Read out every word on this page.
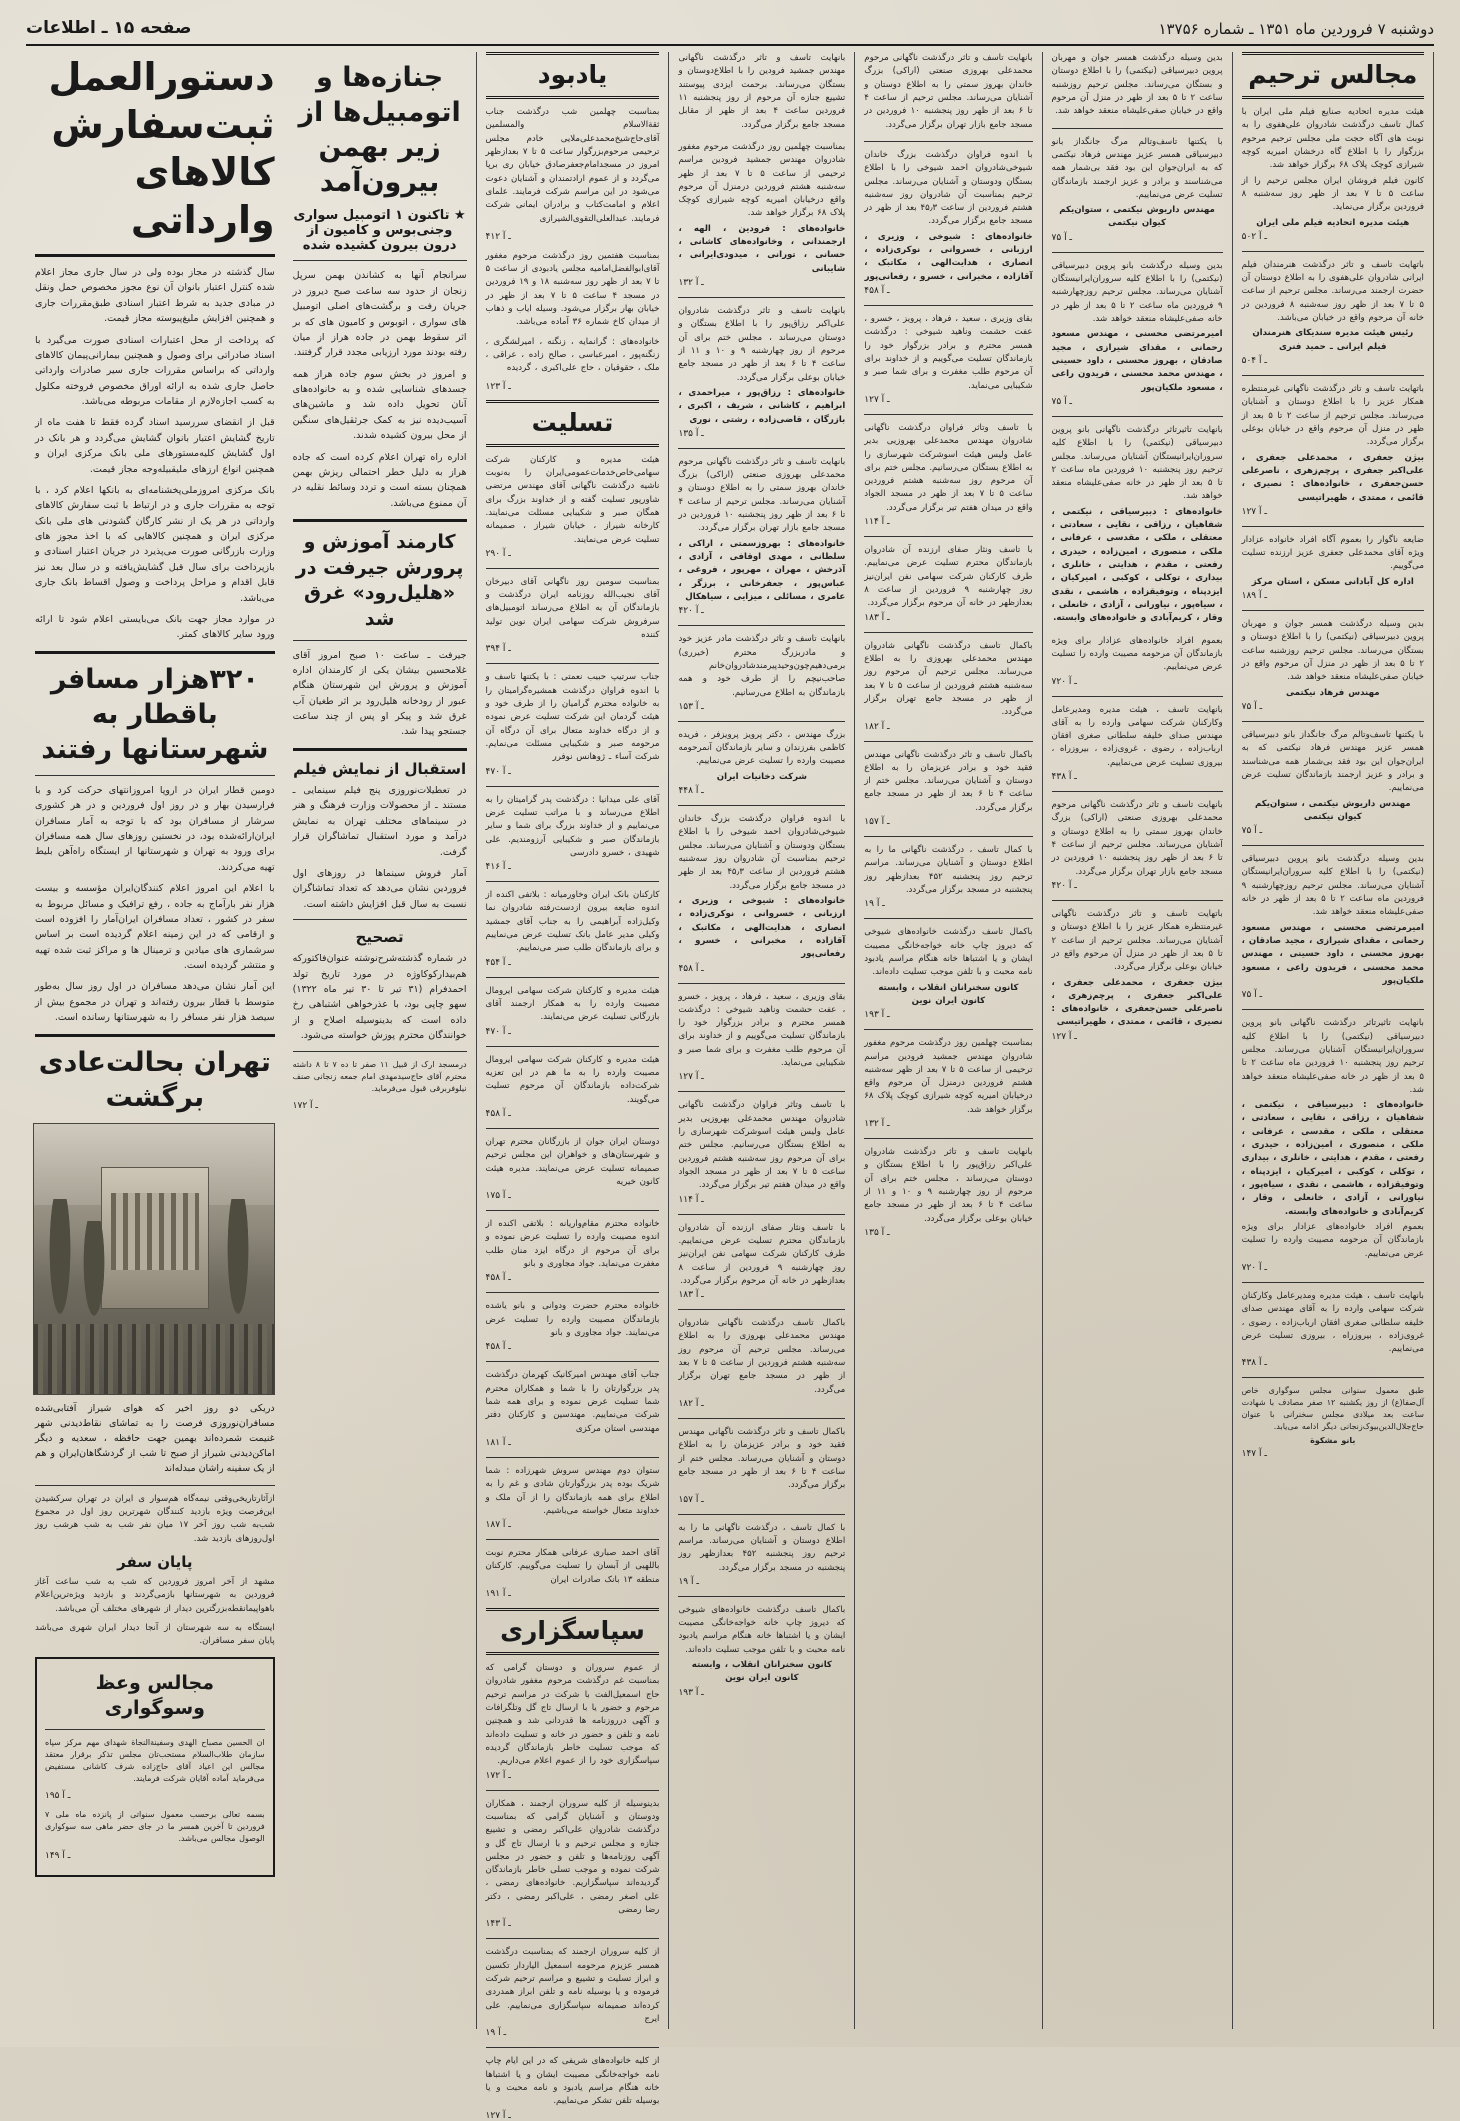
دوشنبه ۷ فروردین ماه ۱۳۵۱ ـ شماره ۱۳۷۵۶
صفحه ۱۵ ـ اطلاعات
دستورالعمل ثبت‌سفارش کالاهای وارداتی
سال گذشته در مجاز بوده ولی در سال جاری مجاز اعلام شده کنترل اعتبار بانوان آن نوع مجوز مخصوص حمل ونقل در مبادی جدید به شرط اعتبار اسنادی طبق‌مقررات جاری و همچنین افزایش ملیغ‌پیوسته مجاز قیمت.
که پرداخت از محل اعتبارات اسنادی صورت می‌گیرد با اسناد صادراتی برای وصول و همچنین بیمارانی‌پیمان کالاهای وارداتی که براساس مقررات جاری سیر صادرات وارداتی حاصل جاری شده به ارائه اوراق مخصوص فروخته‌ مکلول به کسب اجازه‌لازم از مقامات مربوطه می‌باشد.
قبل از انقضای سررسید اسناد گرده فقط تا هفت ماه از تاریخ گشایش اعتبار بانوان گشایش می‌گردد و هر بانک در اول گشایش کلیه‌مستور‌های ملی بانک مرکزی ایران و همچنین انواع ارزهای ملیقبیله‌وجه مجاز قیمت.
بانک مرکزی امروزملی‌پخشنامه‌ای به بانکها اعلام کرد ، با توجه به مقررات جاری و در ارتباط با ثبت سفارش کالاهای وارداتی در هر یک از نشر کارگان گشودنی های ملی بانک مرکزی ایران و همچنین کالاهایی که با اخذ مجوز های وزارت بازرگانی صورت می‌پذیرد در جریان اعتبار اسنادی و بازپرداخت برای سال قبل گشایش‌یافته و در سال بعد نیز قابل اقدام و مراحل پرداخت و وصول اقساط بانک جاری می‌باشد.
در موارد مجاز جهت بانک می‌بایستی اعلام شود تا ارائه ورود سایر کالاهای کمتر.
۳۲۰هزار مسافر باقطار به شهرستانها رفتند
دومین قطار ایران در اروپا امروزانتهای حرکت کرد و با فرارسیدن بهار و در روز اول فروردین و در هر کشوری سرشار از مسافران بود که با توجه به آمار مسافران ایران‌ارائه‌شده بود، در نخستین روزهای سال همه مسافران برای ورود به تهران و شهرستانها از ایستگاه راه‌آهن بلیط تهیه می‌کردند.
با اعلام این امروز اعلام کنندگان‌ایران‌ مؤسسه و بیست هزار نفر بارآماج به جاده ، رفع ترافیک و مسائل مربوط به سفر در کشور ، تعداد مسافران ایران‌آمار را افزوده است و ارقامی که در این زمینه اعلام گردیده است بر اساس سرشماری های میادین و ترمینال ها و مراکز ثبت شده تهیه و منتشر گردیده است.
این آمار نشان می‌دهد مسافران در اول روز سال به‌طور متوسط با قطار بیرون رفته‌اند و تهران در مجموع بیش از سیصد هزار نفر مسافر را به شهرستانها رسانده است.
تهران بحالت‌عادی برگشت
دریکی دو روز اخیر که هوای شیراز آفتابی‌شده مسافران‌نوروزی فرصت را به تماشای نقاط‌دیدنی شهر غنیمت شمرده‌اند بهمین جهت حافظه ، سعدیه و دیگر اماکن‌دیدنی شیراز از صبح تا شب از گردشگاهان‌ایران و هم از یک سفینه راشان‌ مبدله‌اند
ازآثارتاریخی‌وقتی نیمه‌گاه هم‌سوار ی ایران‌ در تهران سرکشیدن این‌فرصت ویژه بازدید کنندگان شهرترین روز اول در مجموع شب‌به شب روز آخر ۱۷ میان نفر شب به شب هرشب روز اول‌روزهای بازدید شد.
پایان سفر
مشهد از آخر امروز فروردین که شب به شب ساعت آغاز فروردین به شهرستانها بازمی‌گردند و بازدید ویژه‌ترین‌اعلام باهواپیما‌نقطه‌بزرگترین دیدار از شهرهای مختلف آن می‌باشد.
ایستگاه به سه شهرستان از آنجا دیدار ایران شهری می‌باشد پایان سفر مسافران.
مجالس وعظ وسوگواری
ان الحسین مصباح الهدی وسفینةالنجاة شهدای مهم مرکز سپاه‌ سازمان‌ طلاب‌السلام‌ مستحب‌تان مجلس تذکر برقرار معتقد مجالس این اعیاد آقای حاج‌زاده‌ شرف‌ کاشانی مستفیض می‌فرماید آماده آقایان شرکت فرمایند.
ـ آ ۱۹۵
بسمه تعالی برحسب معمول سنواتی از پانزده ماه ملی ۷ فروردین تا آخرین همسر ما در جای حضر ماهی سه سوکواری الوصول مجالس می‌باشد.
ـ آ ۱۴۹
جنازه‌ها و اتومبیل‌ها از زیر بهمن بیرون‌آمد
★ تاکنون ۱ اتومبیل سواری وجنی‌بوس و کامیون از درون بیرون کشیده شده
سرانجام آنها به کشاندن بهمن‌ سرپل زنجان از حدود سه ساعت صبح دیروز در جریان رفت و برگشت‌های اصلی اتومبیل های سواری ، اتوبوس و کامیون های که بر اثر سقوط بهمن در جاده هراز از میان رفته بودند مورد ارزیابی مجدد قرار گرفتند.
و امروز در بخش سوم جاده هراز همه جسد‌های شناسایی شده و به خانواده‌های آنان تحویل داده شد و ماشین‌های آسیب‌دیده نیز به کمک جرثقیل‌های سنگین از محل بیرون کشیده شدند.
اداره راه تهران اعلام کرده است که جاده هراز به دلیل خطر احتمالی ریزش بهمن همچنان بسته است و تردد وسائط نقلیه در آن ممنوع می‌باشد.
کارمند آموزش و پرورش جیرفت در «هلیل‌رود» غرق شد
جیرفت ـ ساعت ۱۰ صبح امروز آقای غلامحسین بیشان یکی از کارمندان اداره آموزش و پرورش این شهرستان هنگام عبور از رودخانه هلیل‌رود بر اثر طغیان آب غرق شد و پیکر او پس از چند ساعت جستجو پیدا شد.
استقبال از نمایش فیلم
در تعطیلات‌نوروزی پنج فیلم سینمایی ـ مستند ـ از محصولات وزارت فرهنگ و هنر در سینماهای مختلف تهران به نمایش درآمد و مورد استقبال تماشاگران قرار گرفت.
آمار فروش سینماها در روزهای اول فروردین نشان می‌دهد که تعداد تماشاگران نسبت به سال قبل افزایش داشته است.
تصحیح
در شماره گذشته‌شرح‌نوشته عنوان‌فاکتورکه هم‌بیدارکوکاوژه در مورد تاریخ تولد احمدفرام (۳۱ تیر تا ۳۰ تیر ماه ۱۳۲۲) سهو چاپی بود، با عذرخواهی اشتباهی رخ داده است که بدینوسیله اصلاح و از خوانندگان محترم پوزش خواسته می‌شود.
درمسجد ارک از قبیل ۱۱ صفر تا ده ۷ تا ۸ داشته‌ محترم آقای حاج‌سیدمهدی‌ امام‌ جمعه زنجانی صنف نیلوفربرقی قبول می‌فرماید.
ـ آ ۱۷۲
یادبود
بمناسبت چهلمین شب درگذشت جناب ثقةالاسلام والمسلمین آقای‌حاج‌شیخ‌محمدعلی‌ملایی‌‌ خادم مجلس ترحیمی مرحوم‌بزرگوار ساعت ۵ تا ۷ بعدازظهر امروز در مسجد‌امام‌جعفر‌صادق خیابان ری برپا می‌گردد و از عموم ارادتمندان و آشنایان دعوت می‌شود در این مراسم شرکت فرمایند. علمای اعلام و امامت‌کتاب و برادران ایمانی شرکت فرمایند. عبدالعلی‌التقوی‌الشیرازی
ـ آ ۴۱۲
بمناسبت هفتمین روز درگذشت مرحوم مغفور آقای‌ابوالفضل‌امامیه مجلس یادبودی از ساعت ۵ تا ۷ بعد از ظهر روز سه‌شنبه ۱۸ و ۱۹ فروردین در مسجد ۴ ساعت ۵ تا ۷ بعد از ظهر در خیابان بهار برگزار می‌شود. وسیله ایاب و ذهاب از میدان کاخ شماره ۳۶ آماده می‌باشد.
خانواده‌های : گرانمایه ، زنگنه ، امیرلشگری ، زنگنه‌پور ، امیرعباسی ، صالح زاده ، عراقی ، ملک ، حقوقیان ، حاج علی‌اکبری ، گردیده
ـ آ ۱۲۳
تسلیت
هیئت مدیره و کارکنان شرکت سهامی‌خاص‌خدمات‌عمومی‌ایران‌ را به‌نوبت ناشیه درگذشت ناگهانی آقای مهندس مرتضی شاورپور‌ تسلیت گفته و از خداوند بزرگ برای همگان صبر و شکیبایی مسئلت می‌نمایند. کارخانه شیراز ، خیابان شیراز ، صمیمانه تسلیت عرض می‌نمایند.
ـ آ ۲۹۰
بمناسبت سومین روز ناگهانی آقای دبیرخان‌ آقای نجیب‌الله روزنامه‌ ایران‌ درگذشت‌ و بازماندگان آن به اطلاع می‌رساند اتومبیل‌های سرفروش شرکت سهامی ایران‌ نوین تولید کننده
ـ آ ۳۹۴
جناب سرتیپ حبیب نعمتی : با یکتنها تاسف و با اندوه فراوان درگذشت همشیره‌گرامیتان را به خانواده محترم گرامیان‌ را از طرف خود و هیئت گردمان این شرکت تسلیت عرض نموده و از درگاه خداوند متعال برای آن درگاه‌ آن مرحومه صبر و شکیبایی مسئلت می‌نمایم. شرکت آساء ـ ژوهانس‌ نوفرر
ـ آ ۴۷۰
آقای علی میدانیا : درگذشت پدر گرامیتان را به اطلاع می‌رساند و با مراتب تسلیت عرض می‌نماییم و از خداوند بزرگ برای شما و سایر بازماندگان صبر و شکیبایی آرزومندیم. علی شهیدی ، خسرو دادرسی
ـ آ ۴۱۶
کارکنان بانک ایران وخاورمیانه : بلاتفی اکنده از اندوه ضایعه بیرون ازدست‌رفته شادروان نما وکیل‌زاده آبراهیمی را به جناب آقای جمشید وکیلی مدیر عامل بانک تسلیت عرض می‌نماییم و برای بازماندگان طلب صبر می‌نماییم.
ـ آ ۴۵۴
هیئت مدیره و کارکنان شرکت سهامی ایرو‌مال مصیبت وارده را به همکار ارجمند آقای بازرگانی تسلیت عرض می‌نمایند.
ـ آ ۴۷۰
هیئت مدیره و کارکنان شرکت سهامی ایرو‌مال مصیبت وارده را به ما هم در این تعزیه شرکت‌داده بازماندگان آن مرحوم تسلیت می‌گویند.
ـ آ ۴۵۸
دوستان ایران جوان از بازرگانان محترم تهران و شهرستان‌های و خواهران این مجلس‌ ترحیم‌ صمیمانه تسلیت عرض می‌نمایند. مدیره هیئت کانون خیریه
ـ آ ۱۷۵
خانواده محترم مقام‌واریانه : بلاتفی اکنده از اندوه مصیبت وارده را تسلیت عرض نموده و برای آن مرحوم از درگاه ایزد منان طلب مغفرت می‌نماید. جواد مجاوری و بانو
ـ آ ۴۵۸
خانواده محترم حضرت ودوانی و بانو یاشده بازماندگان مصیبت وارده را تسلیت عرض می‌نمایند. جواد مجاوری و بانو
ـ آ ۴۵۸
جناب آقای مهندس امیرکانیک کهرمان درگذشت پدر بزرگوارتان را با شما و همکاران محترم شما تسلیت عرض نموده و برای همه شما شرکت می‌نماییم. مهندسین و کارکنان دفتر مهندسی استان مرکزی
ـ آ ۱۸۱
ستوان دوم مهندس سروش شهرزاده : شما شریک بوده پدر بزرگوارتان شادی و غم‌ را به اطلاع برای همه بازماندگان را از آن ملک و خداوند متعال خواسته‌ می‌باشیم.
ـ آ ۱۸۷
آقای احمد صباری عرفانی همکار محترم نوبت باللهیی از آبسان را تسلیت می‌گوییم. کارکنان منطقه ۱۳ بانک صادرات ایران
ـ آ ۱۹۱
سپاسگزاری
از عموم سروران و دوستان گرامی که بمناسبت غم درگذشت مرحوم مغفور شادروان حاج اسمعیل‌الفت با شرکت در مراسم ترحیم مرحوم و حضور یا با ارسال تاج گل وتلگرافات و آگهی درروزنامه ‌ها قدردانی شد و همچنین نامه‌ و تلفن و حضور در خانه و تسلیت داده‌اند که موجب تسلیت خاطر بازماندگان گردیده سپاسگزاری خود را از عموم اعلام می‌داریم.
ـ آ ۱۷۲
بدینوسیله از کلیه سروران ارجمند ، همکاران ودوستان و آشنایان گرامی که بمناسبت درگذشت شادروان علی‌اکبر رمضی و تشییع جنازه و مجلس ترحیم و با ارسال تاج گل و آگهی روزنامه‌ها و تلفن و حضور در مجلس شرکت نموده و موجب تسلی خاطر بازماندگان گردیده‌اند سپاسگزاریم. خانواده‌های رمضی ، علی اصغر رمضی ، علی‌اکبر رمضی ، دکتر رضا رمضی
ـ آ ۱۴۳
از کلیه سروران ارجمند که بمناسبت درگذشت همسر عزیزم مرحومه اسمعیل الیاردار تکسین و ابراز تسلیت و تشییع و مراسم ترحیم شرکت فرموده و یا بوسیله نامه و تلفن ابراز همدردی کرده‌اند صمیمانه سپاسگزاری می‌نماییم. علی ایرج
ـ آ ۱۹
از کلیه خانواده‌های شریفی که در این ایام چاپ نامه خواجه‌خانگی مصیبت ایشان و یا اشتباها خانه هنگام مراسم یادبود و نامه محبت و یا بوسیله تلفن تشکر می‌نماییم.
ـ آ ۱۲۷
بانهایت تاسف و تاثر درگذشت ناگهانی مهندس جمشید فرودین را با اطلاع‌دوستان و بستگان می‌رساند. برحمت ایزدی پیوستند تشییع جنازه آن مرحوم از روز پنجشنبه ۱۱ فروردین ساعت ۴ بعد از ظهر از مقابل مسجد‌ جامع برگزار می‌گردد.
بمناسبت چهلمین روز درگذشت مرحوم مغفور شادروان مهندس جمشید فرودین مراسم ترحیمی از ساعت ۵ تا ۷ بعد از ظهر سه‌شنبه هشتم فروردین درمنزل آن مرحوم واقع درخیابان امیریه کوچه شیرازی کوچک پلاک ۶۸ برگزار خواهد شد.
خانواده‌های : فرودین ، الهه ، ارجمندانی ، وخانواده‌های کاشانی ، حسانی ، تورانی ، میدودی‌ایرانی ، شایبانی
ـ آ ۱۳۲
بانهایت تاسف و تاثر درگذشت شادروان علی‌اکبر رزاق‌پور را با اطلاع بستگان و دوستان می‌رساند ، مجلس ختم برای آن مرحوم از روز چهارشنبه ۹ و ۱۰ و ۱۱ از ساعت ۴ تا ۶ بعد از ظهر در مسجد جامع خیابان بوعلی برگزار می‌گردد.
خانواده‌های : رزاق‌پور ، میراحمدی ، ابراهیم ، کاشانی ، شریف ، اکبری ، بازرگان ، قاضی‌زاده ، رشتی ، نوری
ـ آ ۱۳۵
بانهایت تاسف و تاثر درگذشت ناگهانی مرحوم محمدعلی بهروزی صنعتی (اراکی) بزرگ خاندان بهروز سمتی را به اطلاع دوستان و آشنایان می‌رساند. مجلس ترحیم از ساعت ۴ تا ۶ بعد از ظهر روز پنجشنبه ۱۰ فروردین در مسجد جامع بازار تهران برگزار می‌گردد.
خانواده‌های : بهروزسمتی ، اراکی ، سلطانی ، مهدی اوقافی ، آزادی ، آذرخش ، مهران ، مهرپور ، فروغی ، عباس‌پور ، جعفرخانی ، برزگر ، عامری ، مسائلی ، میزایی ، سیاهکال
ـ آ ۴۲۰
بانهایت تاسف و تاثر درگذشت مادر عزیز خود و مادربزرگ محترم (خیرری) برمی‌دهیم‌چون‌وحید‌پیرمند‌شادروان‌خانم‌ صاحب‌نیچم را از طرف خود و همه بازماندگان به اطلاع می‌رسانیم.
ـ آ ۱۵۳
بزرگ مهندس ، دکتر پرویز پرویزفر ، فریده کاظمی‌ بفرزندان و سایر بازماندگان آنمرحومه مصیبت وارده را تسلیت عرض می‌نماییم.
شرکت دخانیات ایران
ـ آ ۴۴۸
با اندوه فراوان درگذشت بزرگ خاندان شیوخی‌شادروان احمد شیوخی را با اطلاع بستگان ودوستان و آشنایان می‌رساند. مجلس ترحیم بمناسبت آن شادروان روز سه‌شنبه هشتم فروردین از ساعت ۴۵٫۳ بعد از ظهر در مسجد جامع برگزار می‌گردد.
خانواده‌های : شیوخی ، وزیری ، ارزبانی ، خسروانی ، نوکری‌زاده ، انصاری ، هدایت‌الهی ، مکاتبک ، آقازاده ، مخبرانی ، خسرو ، رفعانی‌پور
ـ آ ۴۵۸
بقای وزیری ، سعید ، فرهاد ، پرویز ، خسرو ، عفت حشمت وناهید شیوخی : درگذشت همسر محترم و برادر بزرگوار خود را بازماندگان تسلیت می‌گوییم و از خداوند برای آن مرحوم طلب مغفرت و برای شما صبر و شکیبایی می‌نماید.
ـ آ ۱۲۷
با تاسف وتاثر فراوان درگذشت ناگهانی شادروان مهندس محمدعلی بهروزیی بدیر عامل ولیس هیئت اسوشرکت شهرسازی را به اطلاع بستگان می‌رسانیم. مجلس ختم برای آن مرحوم روز سه‌شنبه هشتم فروردین ساعت ۵ تا ۷ بعد از ظهر در مسجد الجواد واقع در میدان هفتم تیر برگزار می‌گردد.
ـ آ ۱۱۴
با تاسف ونثار صفای ارزنده آن شادروان بازماندگان محترم تسلیت عرض می‌نماییم. طرف کارکنان شرکت سهامی نفن ایران‌نیز روز چهارشنبه ۹ فروردین از ساعت ۸ بعدازظهر در خانه آن مرحوم برگزار می‌گردد.
ـ آ ۱۸۳
باکمال تاسف درگذشت ناگهانی شادروان مهندس محمدعلی بهروزی را به اطلاع می‌رساند. مجلس ترحیم آن مرحوم روز سه‌شنبه هشتم فروردین از ساعت ۵ تا ۷ بعد از ظهر در مسجد جامع تهران برگزار می‌گردد.
ـ آ ۱۸۲
باکمال تاسف و تاثر درگذشت ناگهانی مهندس فقید خود و برادر عزیزمان را به اطلاع دوستان و آشنایان می‌رساند. مجلس ختم از ساعت ۴ تا ۶ بعد از ظهر در مسجد جامع برگزار می‌گردد.
ـ آ ۱۵۷
با کمال تاسف ، درگذشت ناگهانی ما را به اطلاع دوستان و آشنایان می‌رساند. مراسم ترحیم روز پنجشنبه ۴۵۲ بعدازظهر روز پنجشنبه در مسجد برگزار می‌گردد.
ـ آ ۱۹
باکمال تاسف درگذشت خانواده‌های شیوخی که دیروز چاپ خانه خواجه‌خانگی مصیبت ایشان و یا اشتباها خانه هنگام مراسم یادبود نامه محبت و با تلفن موجب تسلیت داده‌اند.
کانون سخنرانان انقلاب ، وابسته کانون ایران نوین
ـ آ ۱۹۳
بانهایت تاسف و تاثر درگذشت ناگهانی مرحوم محمدعلی بهروزی صنعتی (اراکی) بزرگ خاندان بهروز سمتی را به اطلاع دوستان و آشنایان می‌رساند. مجلس ترحیم از ساعت ۴ تا ۶ بعد از ظهر روز پنجشنبه ۱۰ فروردین در مسجد جامع بازار تهران برگزار می‌گردد.
با اندوه فراوان درگذشت بزرگ خاندان شیوخی‌شادروان احمد شیوخی را با اطلاع بستگان ودوستان و آشنایان می‌رساند. مجلس ترحیم بمناسبت آن شادروان روز سه‌شنبه هشتم فروردین از ساعت ۴۵٫۳ بعد از ظهر در مسجد جامع برگزار می‌گردد.
خانواده‌های : شیوخی ، وزیری ، ارزبانی ، خسروانی ، نوکری‌زاده ، انصاری ، هدایت‌الهی ، مکاتبک ، آقازاده ، مخبرانی ، خسرو ، رفعانی‌پور
ـ آ ۴۵۸
بقای وزیری ، سعید ، فرهاد ، پرویز ، خسرو ، عفت حشمت وناهید شیوخی : درگذشت همسر محترم و برادر بزرگوار خود را بازماندگان تسلیت می‌گوییم و از خداوند برای آن مرحوم طلب مغفرت و برای شما صبر و شکیبایی می‌نماید.
ـ آ ۱۲۷
با تاسف وتاثر فراوان درگذشت ناگهانی شادروان مهندس محمدعلی بهروزیی بدیر عامل ولیس هیئت اسوشرکت شهرسازی را به اطلاع بستگان می‌رسانیم. مجلس ختم برای آن مرحوم روز سه‌شنبه هشتم فروردین ساعت ۵ تا ۷ بعد از ظهر در مسجد الجواد واقع در میدان هفتم تیر برگزار می‌گردد.
ـ آ ۱۱۴
با تاسف ونثار صفای ارزنده آن شادروان بازماندگان محترم تسلیت عرض می‌نماییم. طرف کارکنان شرکت سهامی نفن ایران‌نیز روز چهارشنبه ۹ فروردین از ساعت ۸ بعدازظهر در خانه آن مرحوم برگزار می‌گردد.
ـ آ ۱۸۳
باکمال تاسف درگذشت ناگهانی شادروان مهندس محمدعلی بهروزی را به اطلاع می‌رساند. مجلس ترحیم آن مرحوم روز سه‌شنبه هشتم فروردین از ساعت ۵ تا ۷ بعد از ظهر در مسجد جامع تهران برگزار می‌گردد.
ـ آ ۱۸۲
باکمال تاسف و تاثر درگذشت ناگهانی مهندس فقید خود و برادر عزیزمان را به اطلاع دوستان و آشنایان می‌رساند. مجلس ختم از ساعت ۴ تا ۶ بعد از ظهر در مسجد جامع برگزار می‌گردد.
ـ آ ۱۵۷
با کمال تاسف ، درگذشت ناگهانی ما را به اطلاع دوستان و آشنایان می‌رساند. مراسم ترحیم روز پنجشنبه ۴۵۲ بعدازظهر روز پنجشنبه در مسجد برگزار می‌گردد.
ـ آ ۱۹
باکمال تاسف درگذشت خانواده‌های شیوخی که دیروز چاپ خانه خواجه‌خانگی مصیبت ایشان و یا اشتباها خانه هنگام مراسم یادبود نامه محبت و با تلفن موجب تسلیت داده‌اند.
کانون سخنرانان انقلاب ، وابسته کانون ایران نوین
ـ آ ۱۹۳
بمناسبت چهلمین روز درگذشت مرحوم مغفور شادروان مهندس جمشید فرودین مراسم ترحیمی از ساعت ۵ تا ۷ بعد از ظهر سه‌شنبه هشتم فروردین درمنزل آن مرحوم واقع درخیابان امیریه کوچه شیرازی کوچک پلاک ۶۸ برگزار خواهد شد.
ـ آ ۱۳۲
بانهایت تاسف و تاثر درگذشت شادروان علی‌اکبر رزاق‌پور را با اطلاع بستگان و دوستان می‌رساند ، مجلس ختم برای آن مرحوم از روز چهارشنبه ۹ و ۱۰ و ۱۱ از ساعت ۴ تا ۶ بعد از ظهر در مسجد جامع خیابان بوعلی برگزار می‌گردد.
ـ آ ۱۳۵
بدین وسیله درگذشت همسر جوان و مهربان پروین دبیرسیاقی (نیکتمی) را با اطلاع دوستان و بستگان می‌رساند. مجلس ترحیم روزشنبه ساعت ۲ تا ۵ بعد از ظهر در منزل آن مرحوم واقع در خیابان صفی‌علیشاه منعقد خواهد شد.
با یکتنها تاسف‌وتالم مرگ جانگداز بانو دبیرسیاقی همسر عزیز مهندس فرهاد نیکتمی که به ایران‌جوان این بود فقد بی‌شمار همه می‌شناسند و برادر و عزیز ارجمند بازماندگان تسلیت عرض می‌نماییم.
مهندس داریوش نیکتمی ، ستوان‌یکم کیوان نیکتمی
ـ آ ۷۵
بدین وسیله درگذشت بانو پروین دبیرسیاقی (نیکتمی) را با اطلاع کلیه سروران‌ایرانیستگان آشنایان می‌رساند. مجلس ترحیم روزچهارشنبه ۹ فروردین ماه ساعت ۲ تا ۵ بعد از ظهر در خانه صفی‌علیشاه منعقد خواهد شد.
امیرمرتضی محسنی ، مهندس مسعود رحمانی ، مقدای شیرازی ، مجید صادقان ، بهروز محسنی ، داود حسینی ، مهندس محمد محسنی ، فریدون راعی ، مسعود ملکیان‌پور
ـ آ ۷۵
بانهایت تاثیرتاثر درگذشت ناگهانی بانو پروین دبیرسیاقی (نیکتمی) را با اطلاع کلیه سروران‌ایرانیستگان آشنایان می‌رساند. مجلس ترحیم روز پنجشنبه ۱۰ فروردین ماه ساعت ۲ تا ۵ بعد از ظهر در خانه صفی‌علیشاه منعقد خواهد شد.
خانواده‌های : دبیرسیاقی ، نیکتمی ، شفاهیان ، رزاقی ، نقایی ، سعادتی ، معتقلی ، ملکی ، مقدسی ، عرفانی ، ملکی ، منصوری ، امین‌زاده ، حیدری ، رفعتی ، مقدم ، هدایتی ، خانلری ، بیداری ، توکلی ، کوکبی ، امیرکیان ، ایزدپناه ، وتوفیقزاده ، هاشمی ، نقدی ، سیاه‌پور ، نیاورانی ، آزادی ، خانعلی ، وقار ، کریم‌آبادی و خانواده‌های وابسته.
بعموم افراد خانواده‌های عزادار برای ویژه بازماندگان آن مرحومه مصیبت وارده را تسلیت عرض می‌نماییم.
ـ آ ۷۲۰
بانهایت تاسف ، هیئت مدیره ومدیرعامل وکارکنان شرکت سهامی وارده را به آقای مهندس صدای خلیفه سلطانی صغری افقان ارباب‌زاده ، رضوی ، غروی‌زاده ، بیروزراه ، بیروزی تسلیت عرض می‌نماییم.
ـ آ ۴۳۸
بانهایت تاسف و تاثر درگذشت ناگهانی مرحوم محمدعلی بهروزی صنعتی (اراکی) بزرگ خاندان بهروز سمتی را به اطلاع دوستان و آشنایان می‌رساند. مجلس ترحیم از ساعت ۴ تا ۶ بعد از ظهر روز پنجشنبه ۱۰ فروردین در مسجد جامع بازار تهران برگزار می‌گردد.
ـ آ ۴۲۰
باتهایت تاسف و تاثر درگذشت ناگهانی غیرمنتظره همکار عزیز را با اطلاع دوستان و آشنایان می‌رساند. مجلس ترحیم از ساعت ۲ تا ۵ بعد از ظهر در منزل آن مرحوم واقع در خیابان بوعلی برگزار می‌گردد.
بیژن جعفری ، محمدعلی جعفری ، علی‌اکبر جعفری ، پرچم‌زهری ، ناصرعلی حسن‌جعفری ، خانواده‌های : نصیری ، قائمی ، ممتدی ، ظهیراتیسی
ـ آ ۱۲۷
مجالس ترحیم
هیئت مدیره اتحادیه صنایع فیلم ملی ایران با کمال تاسف درگذشت شادروان علی‌هفوی‌ را به‌ نوبت‌ های آگاه حجت ملی مجلس‌ ترحیم مرحوم‌ بزرگوار را با اطلاع‌ گاه درخشان امیریه کوچه شیرازی کوچک پلاک ۶۸ برگزار خواهد شد.
کانون فیلم فروشان ایران مجلس ترحیم را از ساعت ۵ تا ۷ بعد از ظهر روز سه‌شنبه ۸ فروردین برگزار می‌نماید.
هیئت مدیره اتحادیه فیلم ملی ایران
ـ آ ۵۰۲
باتهایت تاسف و تاثر درگذشت هنرمندان فیلم ایرانی شادروان علی‌هفوی را به‌ اطلاع‌ دوستان‌ آن‌ حضرت‌ ارجمند می‌رساند. مجلس ترحیم از ساعت ۵ تا ۷ بعد از ظهر روز سه‌شنبه ۸ فروردین در خانه آن مرحوم واقع در خیابان می‌باشد.
رئیس هیئت مدیره سندیکای هنرمندان فیلم ایرانی ـ حمید فنری
ـ آ ۵۰۴
باتهایت تاسف و تاثر درگذشت ناگهانی غیرمنتظره همکار عزیز را با اطلاع دوستان و آشنایان می‌رساند. مجلس ترحیم از ساعت ۲ تا ۵ بعد از ظهر در منزل آن مرحوم واقع در خیابان بوعلی برگزار می‌گردد.
بیژن جعفری ، محمدعلی جعفری ، علی‌اکبر جعفری ، پرچم‌زهری ، ناصرعلی حسن‌جعفری ، خانواده‌های : نصیری ، قائمی ، ممتدی ، ظهیراتیسی
ـ آ ۱۲۷
ضایعه ناگوار را بعموم آگاه افراد خانواده عزادار ویژه آقای محمدعلی جعفری عزیز ارزنده تسلیت می‌گوییم.
اداره کل آبادانی مسکن ، استان مرکز
ـ آ ۱۸۹
بدین وسیله درگذشت همسر جوان و مهربان پروین دبیرسیاقی (نیکتمی) را با اطلاع دوستان و بستگان می‌رساند. مجلس ترحیم روزشنبه ساعت ۲ تا ۵ بعد از ظهر در منزل آن مرحوم واقع در خیابان صفی‌علیشاه منعقد خواهد شد.
مهندس فرهاد نیکتمی
ـ آ ۷۵
با یکتنها تاسف‌وتالم مرگ جانگداز بانو دبیرسیاقی همسر عزیز مهندس فرهاد نیکتمی که به ایران‌جوان این بود فقد بی‌شمار همه می‌شناسند و برادر و عزیز ارجمند بازماندگان تسلیت عرض می‌نماییم.
مهندس داریوش نیکتمی ، ستوان‌یکم کیوان نیکتمی
ـ آ ۷۵
بدین وسیله درگذشت بانو پروین دبیرسیاقی (نیکتمی) را با اطلاع کلیه سروران‌ایرانیستگان آشنایان می‌رساند. مجلس ترحیم روزچهارشنبه ۹ فروردین ماه ساعت ۲ تا ۵ بعد از ظهر در خانه صفی‌علیشاه منعقد خواهد شد.
امیرمرتضی محسنی ، مهندس مسعود رحمانی ، مقدای شیرازی ، مجید صادقان ، بهروز محسنی ، داود حسینی ، مهندس محمد محسنی ، فریدون راعی ، مسعود ملکیان‌پور
ـ آ ۷۵
بانهایت تاثیرتاثر درگذشت ناگهانی بانو پروین دبیرسیاقی (نیکتمی) را با اطلاع کلیه سروران‌ایرانیستگان آشنایان می‌رساند. مجلس ترحیم روز پنجشنبه ۱۰ فروردین ماه ساعت ۲ تا ۵ بعد از ظهر در خانه صفی‌علیشاه منعقد خواهد شد.
خانواده‌های : دبیرسیاقی ، نیکتمی ، شفاهیان ، رزاقی ، نقایی ، سعادتی ، معتقلی ، ملکی ، مقدسی ، عرفانی ، ملکی ، منصوری ، امین‌زاده ، حیدری ، رفعتی ، مقدم ، هدایتی ، خانلری ، بیداری ، توکلی ، کوکبی ، امیرکیان ، ایزدپناه ، وتوفیقزاده ، هاشمی ، نقدی ، سیاه‌پور ، نیاورانی ، آزادی ، خانعلی ، وقار ، کریم‌آبادی و خانواده‌های وابسته.
بعموم افراد خانواده‌های عزادار برای ویژه بازماندگان آن مرحومه مصیبت وارده را تسلیت عرض می‌نماییم.
ـ آ ۷۲۰
بانهایت تاسف ، هیئت مدیره ومدیرعامل وکارکنان شرکت سهامی وارده را به آقای مهندس صدای خلیفه سلطانی صغری افقان ارباب‌زاده ، رضوی ، غروی‌زاده ، بیروزراه ، بیروزی تسلیت عرض می‌نماییم.
ـ آ ۴۳۸
طبق معمول سنوانی مجلس سوگواری خاص آل‌صفا(ع) از روز یکشنبه ۱۲ صفر مصادف با شهادت ساعت بعد میلادی مجلس سخنرانی با عنوان حاج‌جلال‌الدین‌بیوک‌زنجانی دیگر ادامه می‌یابد.
بانو مشکوة
ـ آ ۱۴۷
